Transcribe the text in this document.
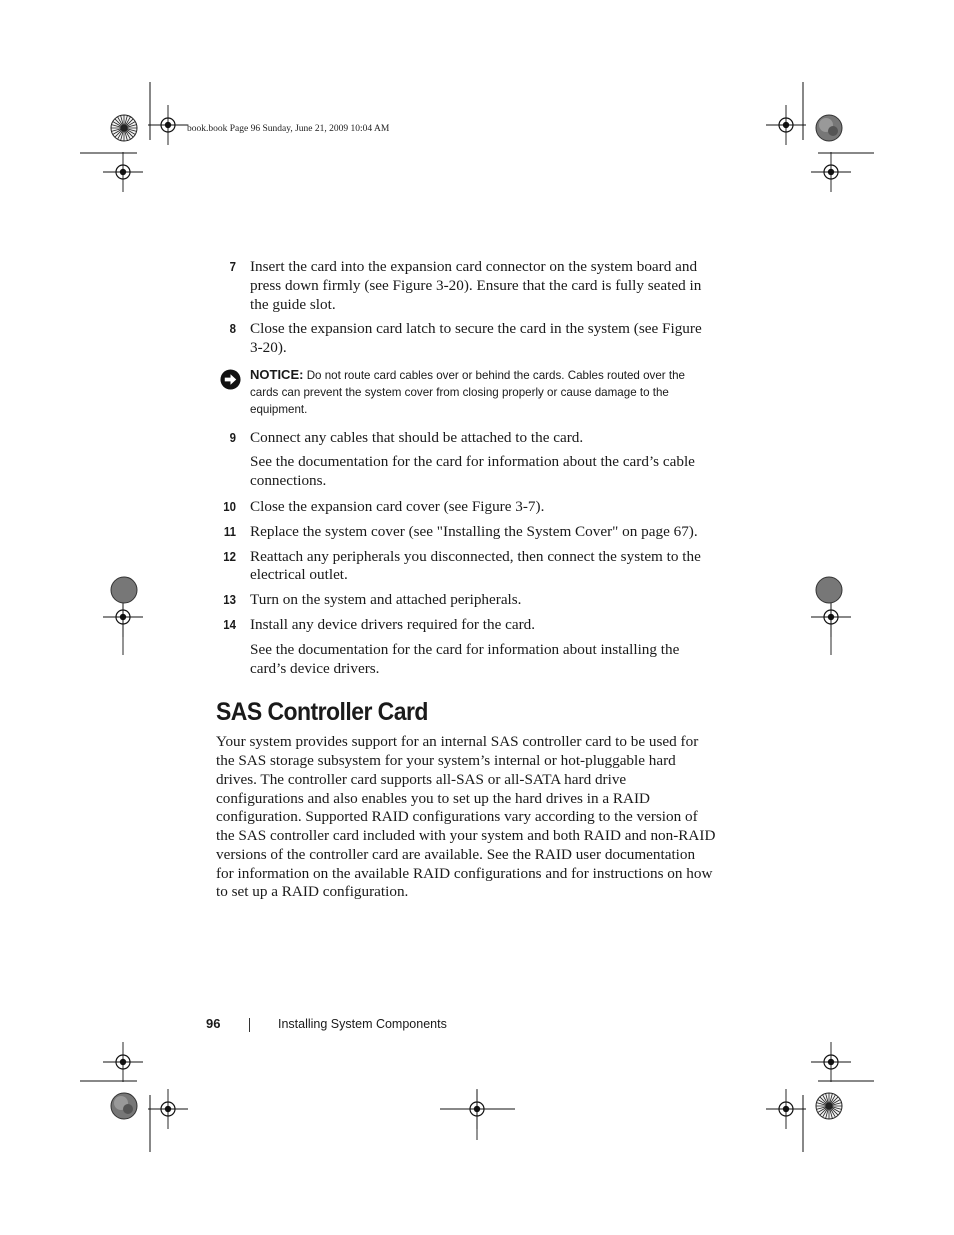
book.book Page 96 Sunday, June 21, 2009 10:04 AM
7 Insert the card into the expansion card connector on the system board and press down firmly (see Figure 3-20). Ensure that the card is fully seated in the guide slot.
8 Close the expansion card latch to secure the card in the system (see Figure 3-20).
NOTICE: Do not route card cables over or behind the cards. Cables routed over the cards can prevent the system cover from closing properly or cause damage to the equipment.
9 Connect any cables that should be attached to the card.
See the documentation for the card for information about the card’s cable connections.
10 Close the expansion card cover (see Figure 3-7).
11 Replace the system cover (see "Installing the System Cover" on page 67).
12 Reattach any peripherals you disconnected, then connect the system to the electrical outlet.
13 Turn on the system and attached peripherals.
14 Install any device drivers required for the card.
See the documentation for the card for information about installing the card’s device drivers.
SAS Controller Card

Your system provides support for an internal SAS controller card to be used for the SAS storage subsystem for your system’s internal or hot-pluggable hard drives. The controller card supports all-SAS or all-SATA hard drive configurations and also enables you to set up the hard drives in a RAID configuration. Supported RAID configurations vary according to the version of the SAS controller card included with your system and both RAID and non-RAID versions of the controller card are available. See the RAID user documentation for information on the available RAID configurations and for instructions on how to set up a RAID configuration.

96	Installing System Components
